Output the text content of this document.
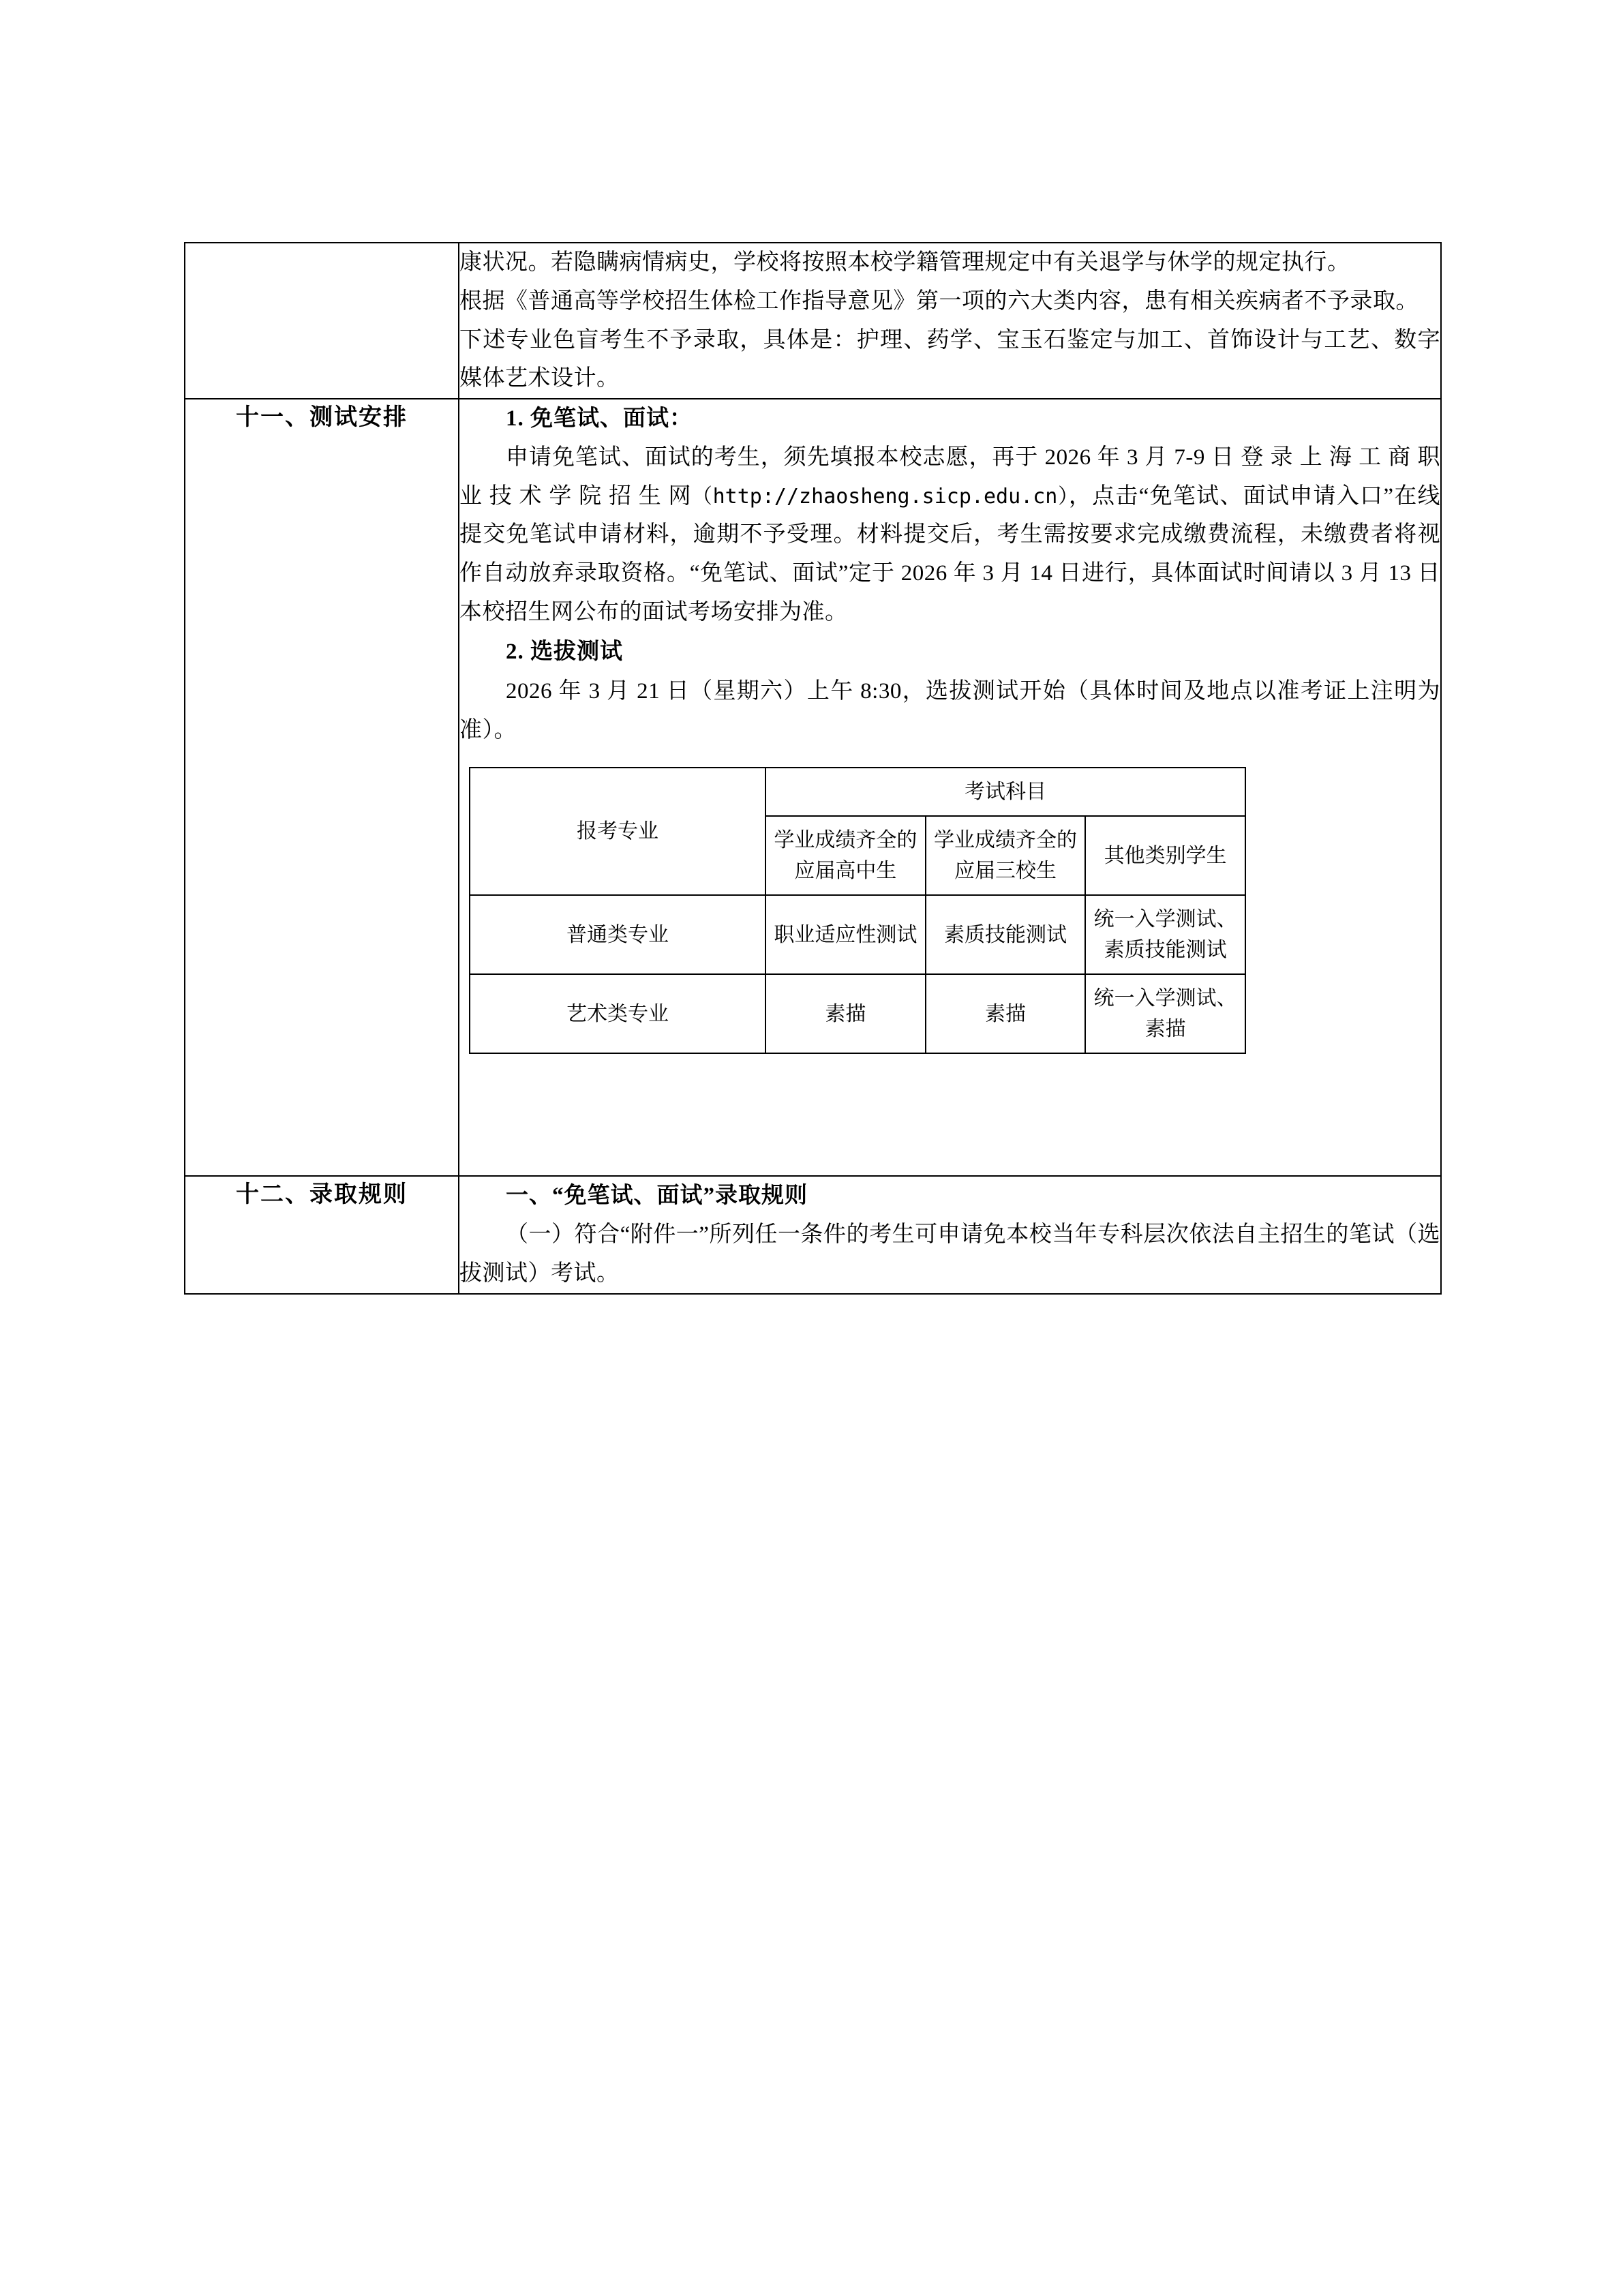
康状况。若隐瞒病情病史，学校将按照本校学籍管理规定中有关退学与休学的规定执行。

根据《普通高等学校招生体检工作指导意见》第一项的六大类内容，患有相关疾病者不予录取。

下述专业色盲考生不予录取，具体是：护理、药学、宝玉石鉴定与加工、首饰设计与工艺、数字媒体艺术设计。

十一、测试安排	1. 免笔试、面试：

申请免笔试、面试的考生，须先填报本校志愿，再于 2026 年 3 月 7-9 日 登 录 上 海 工 商 职 业 技 术 学 院 招 生 网（http://zhaosheng.sicp.edu.cn），点击“免笔试、面试申请入口”在线提交免笔试申请材料，逾期不予受理。材料提交后，考生需按要求完成缴费流程，未缴费者将视作自动放弃录取资格。“免笔试、面试”定于 2026 年 3 月 14 日进行，具体面试时间请以 3 月 13 日本校招生网公布的面试考场安排为准。

2. 选拔测试

2026 年 3 月 21 日（星期六）上午 8:30，选拔测试开始（具体时间及地点以准考证上注明为准）。

报考专业	考试科目
学业成绩齐全的应届高中生	学业成绩齐全的应届三校生	其他类别学生
普通类专业	职业适应性测试	素质技能测试	统一入学测试、素质技能测试
艺术类专业	素描	素描	统一入学测试、素描

十二、录取规则	一、“免笔试、面试”录取规则

（一）符合“附件一”所列任一条件的考生可申请免本校当年专科层次依法自主招生的笔试（选拔测试）考试。
